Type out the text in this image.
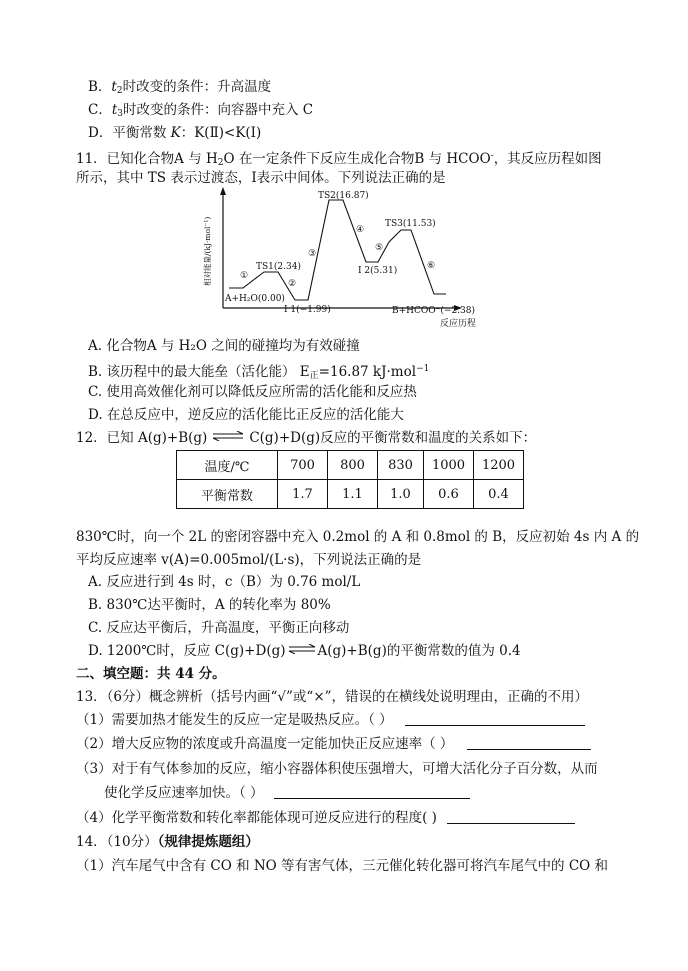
B．$t_2$时改变的条件：升高温度
C．$t_3$时改变的条件：向容器中充入 C
D．平衡常数 K：K(Ⅱ)<K(Ⅰ)
11．已知化合物A 与 $H_2O$ 在一定条件下反应生成化合物B 与 HCOO-，其反应历程如图
所示，其中 TS 表示过渡态，Ⅰ表示中间体。下列说法正确的是
相对能量/(kJ·mol⁻¹)
反应历程
A+H₂O(0.00)
TS1(2.34)
I 1(−1.99)
TS2(16.87)
I 2(5.31)
TS3(11.53)
B+HCOO⁻(−2.38)
①
②
③
④
⑤
⑥
A. 化合物A 与 H₂O 之间的碰撞均为有效碰撞
B. 该历程中的最大能垒（活化能） $E_正=16.87$ kJ·mol$^{-1}$
C. 使用高效催化剂可以降低反应所需的活化能和反应热
D. 在总反应中，逆反应的活化能比正反应的活化能大
12．已知 A(g)+B(g) ⇌ C(g)+D(g)反应的平衡常数和温度的关系如下：
温度/℃	700	800	830	1000	1200
平衡常数	1.7	1.1	1.0	0.6	0.4
830℃时，向一个 2L 的密闭容器中充入 0.2mol 的 A 和 0.8mol 的 B，反应初始 4s 内 A 的
平均反应速率 v(A)=0.005mol/(L·s)，下列说法正确的是
A. 反应进行到 4s 时，c（B）为 0.76 mol/L
B. 830℃达平衡时，A 的转化率为 80%
C. 反应达平衡后，升高温度，平衡正向移动
D. 1200℃时，反应 C(g)+D(g)⇌A(g)+B(g)的平衡常数的值为 0.4
二、填空题：共 44 分。
13．（6分）概念辨析（括号内画“√”或“×”，错误的在横线处说明理由，正确的不用）
（1）需要加热才能发生的反应一定是吸热反应。（ ）
（2）增大反应物的浓度或升高温度一定能加快正反应速率（ ）
（3）对于有气体参加的反应，缩小容器体积使压强增大，可增大活化分子百分数，从而
使化学反应速率加快。（ ）
（4）化学平衡常数和转化率都能体现可逆反应进行的程度( )
14．（10分）（规律提炼题组）
（1）汽车尾气中含有 CO 和 NO 等有害气体，三元催化转化器可将汽车尾气中的 CO 和
